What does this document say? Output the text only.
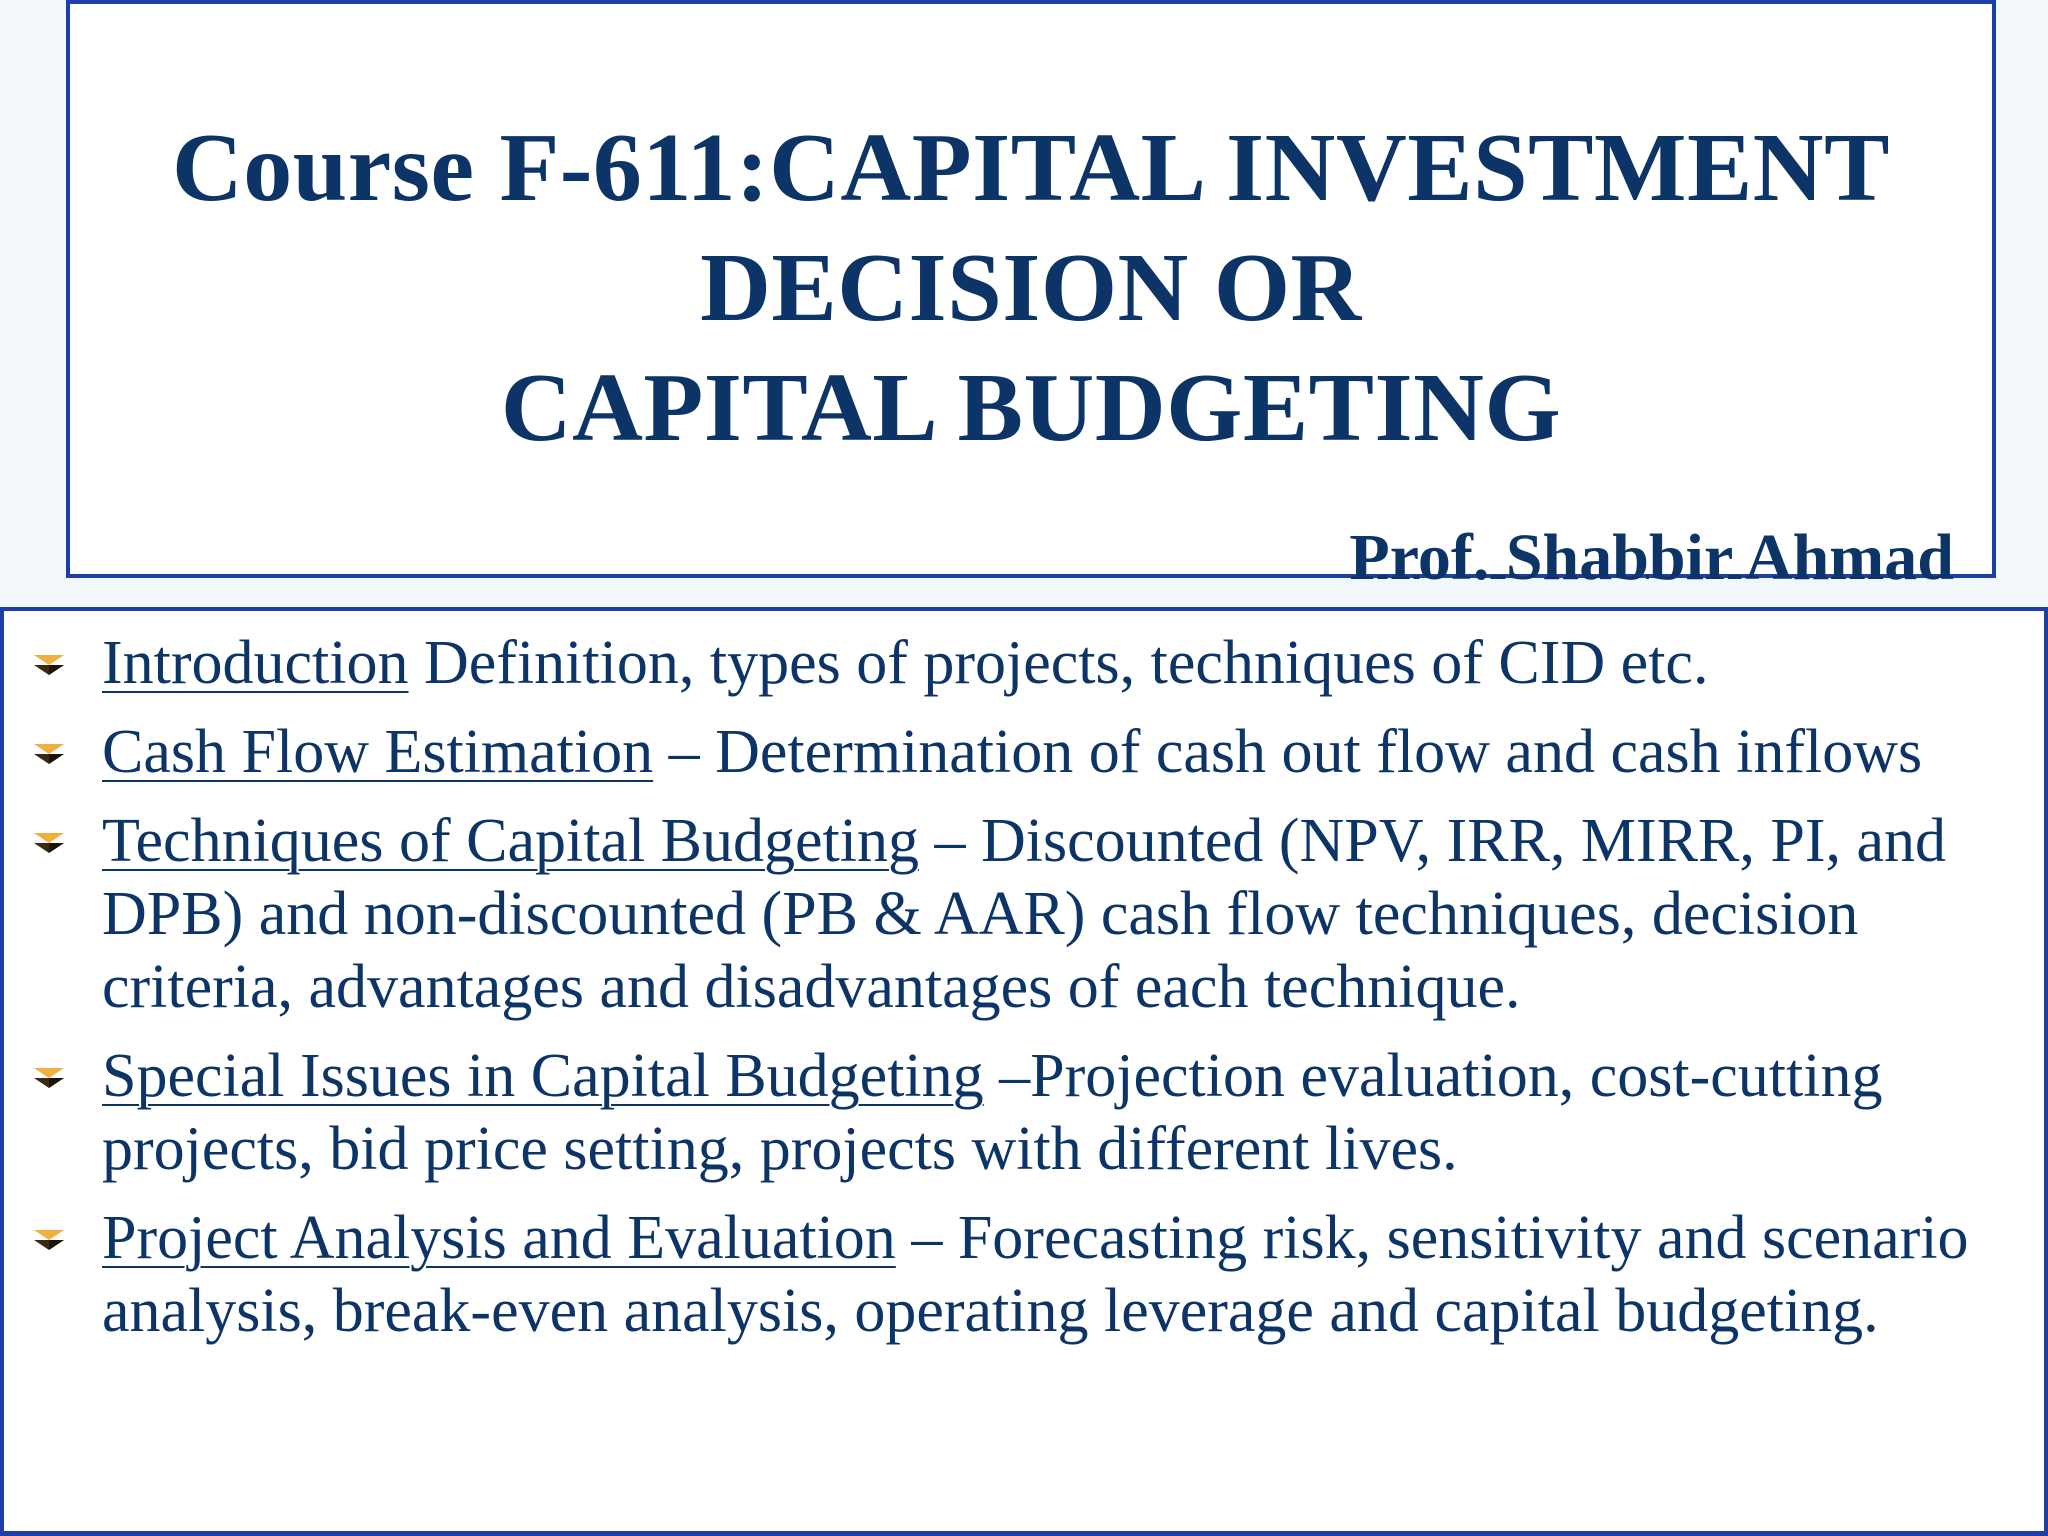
Course F-611:CAPITAL INVESTMENT
DECISION OR
CAPITAL BUDGETING
Prof. Shabbir Ahmad
Introduction Definition, types of projects, techniques of CID etc.
Cash Flow Estimation – Determination of cash out flow and cash inflows
Techniques of Capital Budgeting – Discounted (NPV, IRR, MIRR, PI, and DPB) and non-discounted (PB & AAR) cash flow techniques, decision criteria, advantages and disadvantages of each technique.
Special Issues in Capital Budgeting –Projection evaluation, cost-cutting projects, bid price setting, projects with different lives.
Project Analysis and Evaluation – Forecasting risk, sensitivity and scenario analysis, break-even analysis, operating leverage and capital budgeting.
